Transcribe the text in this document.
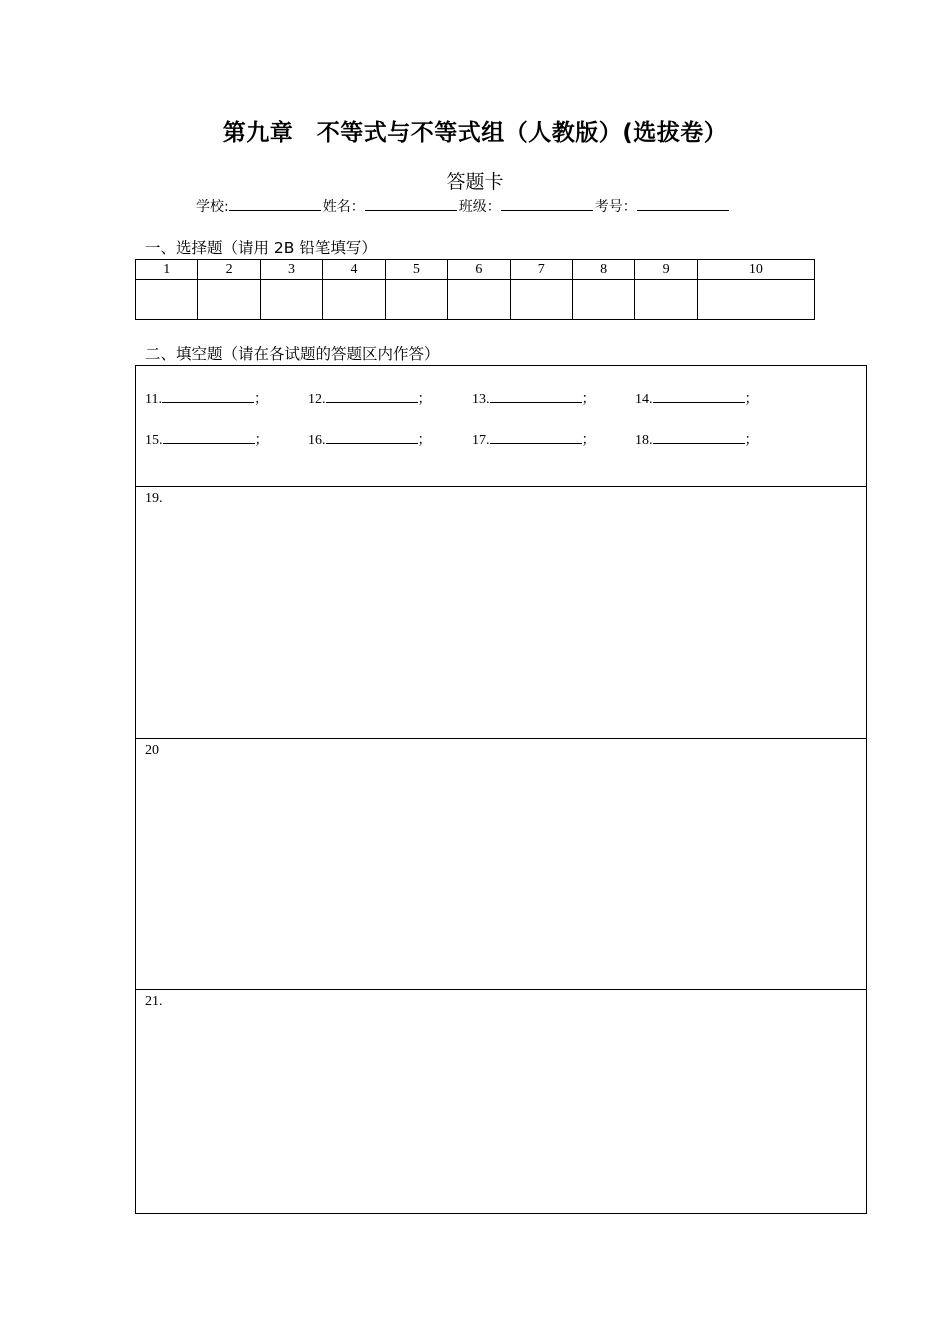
第九章　不等式与不等式组（人教版）(选拔卷）
答题卡
学校:	姓名：	班级：	考号：
一、选择题（请用 2B 铅笔填写）
1	2	3	4	5	6	7	8	9	10

二、填空题（请在各试题的答题区内作答）
11.	；	12.	；	13.	；	14.	；
15.	；	16.	；	17.	；	18.	；
19.
20
21.
